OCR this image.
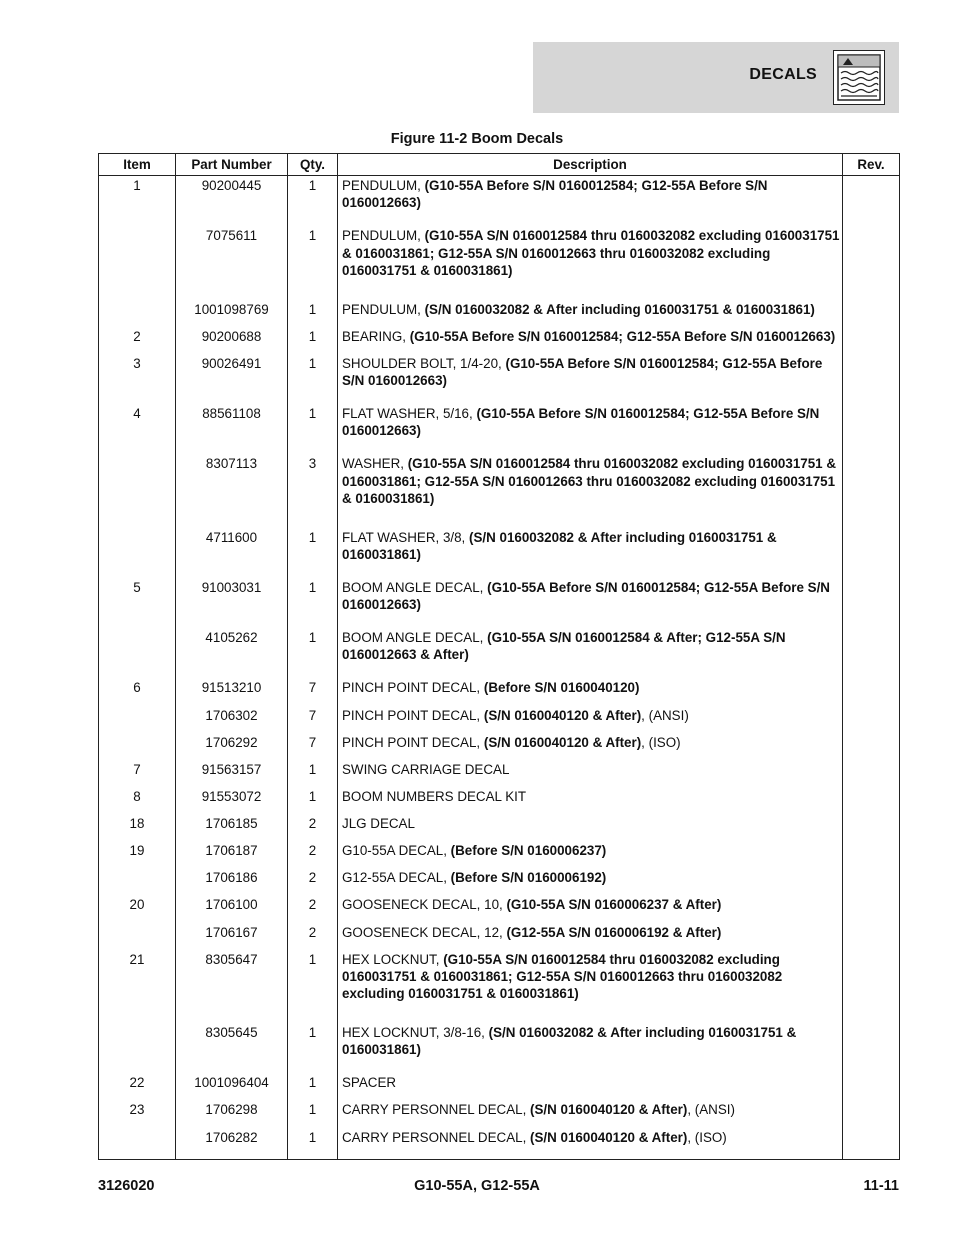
DECALS
Figure 11-2 Boom Decals
Item	Part Number	Qty.	Description	Rev.
1	90200445	1	PENDULUM, (G10-55A Before S/N 0160012584; G12-55A Before S/N 0160012663)	
	7075611	1	PENDULUM, (G10-55A S/N 0160012584 thru 0160032082 excluding 0160031751 & 0160031861; G12-55A S/N 0160012663 thru 0160032082 excluding 0160031751 & 0160031861)	
	1001098769	1	PENDULUM, (S/N 0160032082 & After including 0160031751 & 0160031861)	
2	90200688	1	BEARING, (G10-55A Before S/N 0160012584; G12-55A Before S/N 0160012663)	
3	90026491	1	SHOULDER BOLT, 1/4-20, (G10-55A Before S/N 0160012584; G12-55A Before S/N 0160012663)	
4	88561108	1	FLAT WASHER, 5/16, (G10-55A Before S/N 0160012584; G12-55A Before S/N 0160012663)	
	8307113	3	WASHER, (G10-55A S/N 0160012584 thru 0160032082 excluding 0160031751 & 0160031861; G12-55A S/N 0160012663 thru 0160032082 excluding 0160031751 & 0160031861)	
	4711600	1	FLAT WASHER, 3/8, (S/N 0160032082 & After including 0160031751 & 0160031861)	
5	91003031	1	BOOM ANGLE DECAL, (G10-55A Before S/N 0160012584; G12-55A Before S/N 0160012663)	
	4105262	1	BOOM ANGLE DECAL, (G10-55A S/N 0160012584 & After; G12-55A S/N 0160012663 & After)	
6	91513210	7	PINCH POINT DECAL, (Before S/N 0160040120)	
	1706302	7	PINCH POINT DECAL, (S/N 0160040120 & After), (ANSI)	
	1706292	7	PINCH POINT DECAL, (S/N 0160040120 & After), (ISO)	
7	91563157	1	SWING CARRIAGE DECAL	
8	91553072	1	BOOM NUMBERS DECAL KIT	
18	1706185	2	JLG DECAL	
19	1706187	2	G10-55A DECAL, (Before S/N 0160006237)	
	1706186	2	G12-55A DECAL, (Before S/N 0160006192)	
20	1706100	2	GOOSENECK DECAL, 10, (G10-55A S/N 0160006237 & After)	
	1706167	2	GOOSENECK DECAL, 12, (G12-55A S/N 0160006192 & After)	
21	8305647	1	HEX LOCKNUT, (G10-55A S/N 0160012584 thru 0160032082 excluding 0160031751 & 0160031861; G12-55A S/N 0160012663 thru 0160032082 excluding 0160031751 & 0160031861)	
	8305645	1	HEX LOCKNUT, 3/8-16, (S/N 0160032082 & After including 0160031751 & 0160031861)	
22	1001096404	1	SPACER	
23	1706298	1	CARRY PERSONNEL DECAL, (S/N 0160040120 & After), (ANSI)	
	1706282	1	CARRY PERSONNEL DECAL, (S/N 0160040120 & After), (ISO)	

3126020	G10-55A, G12-55A	11-11
